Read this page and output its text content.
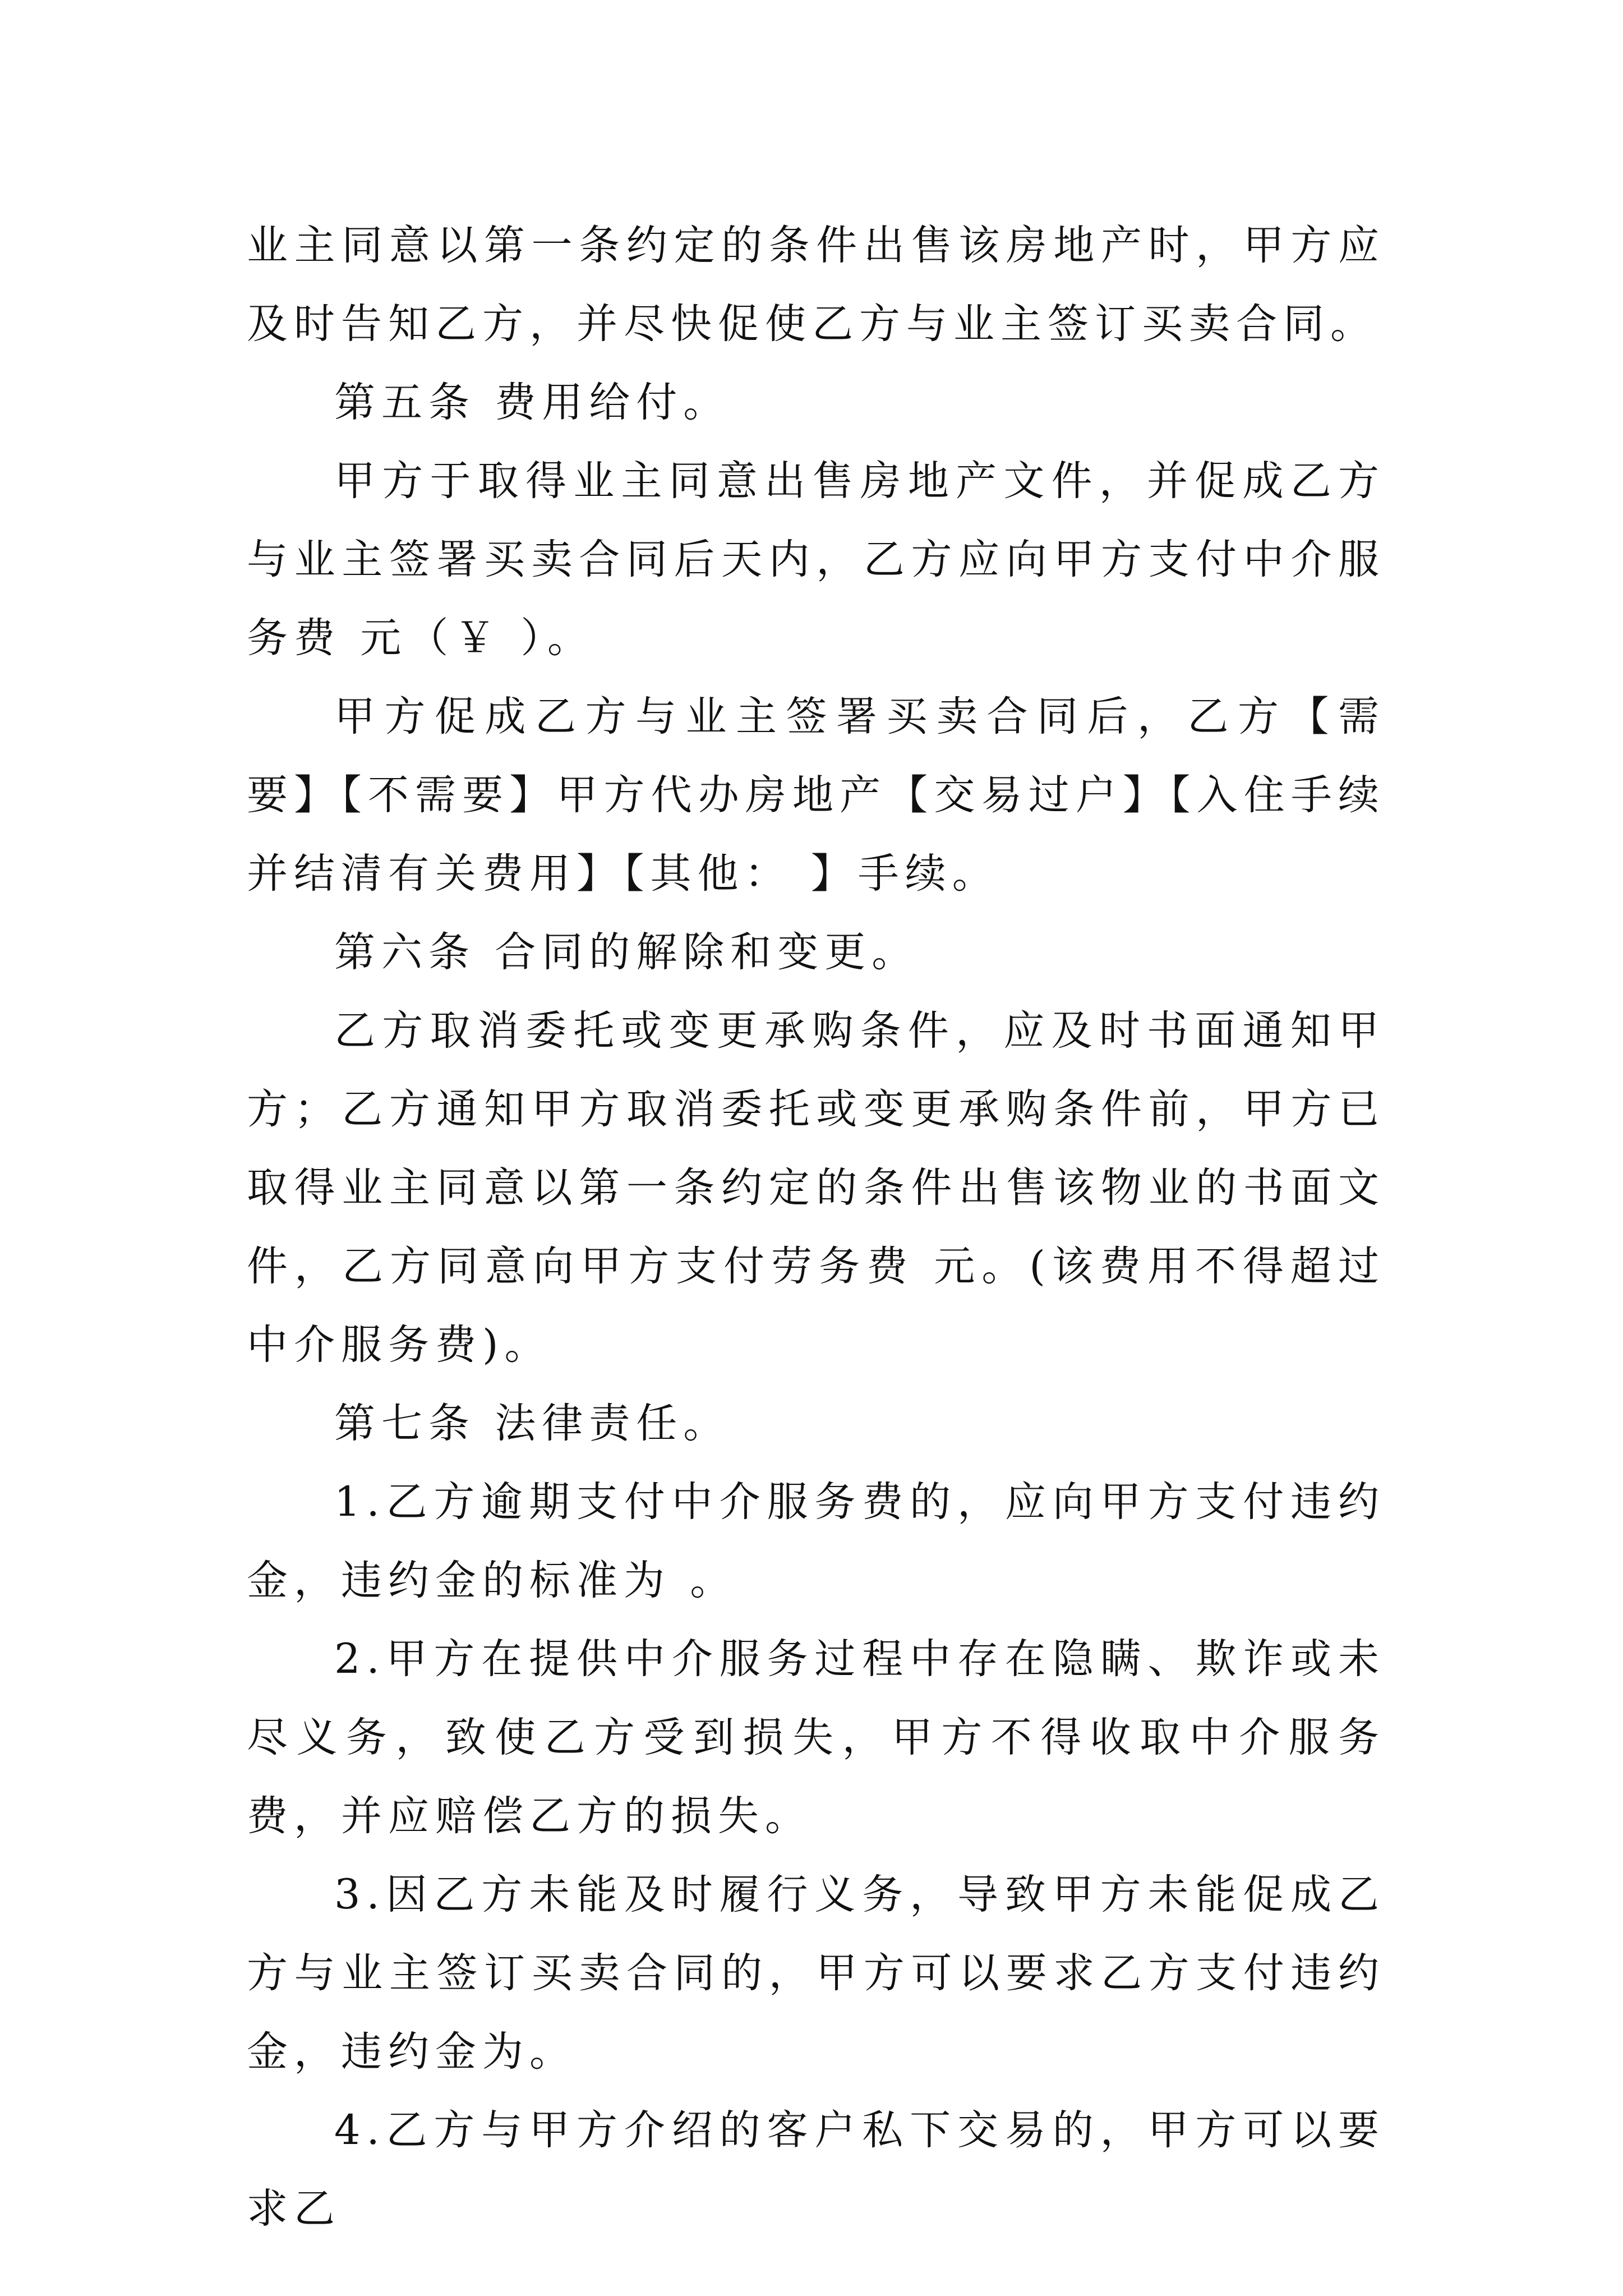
业主同意以第一条约定的条件出售该房地产时，甲方应及时告知乙方，并尽快促使乙方与业主签订买卖合同。

第五条 费用给付。

甲方于取得业主同意出售房地产文件，并促成乙方与业主签署买卖合同后天内，乙方应向甲方支付中介服务费 元（￥ ）。

甲方促成乙方与业主签署买卖合同后，乙方【需要】【不需要】甲方代办房地产【交易过户】【入住手续并结清有关费用】【其他： 】手续。

第六条 合同的解除和变更。

乙方取消委托或变更承购条件，应及时书面通知甲方；乙方通知甲方取消委托或变更承购条件前，甲方已取得业主同意以第一条约定的条件出售该物业的书面文件，乙方同意向甲方支付劳务费 元。(该费用不得超过中介服务费)。

第七条 法律责任。

1.乙方逾期支付中介服务费的，应向甲方支付违约金，违约金的标准为 。

2.甲方在提供中介服务过程中存在隐瞒、欺诈或未尽义务，致使乙方受到损失，甲方不得收取中介服务费，并应赔偿乙方的损失。

3.因乙方未能及时履行义务，导致甲方未能促成乙方与业主签订买卖合同的，甲方可以要求乙方支付违约金，违约金为。

4.乙方与甲方介绍的客户私下交易的，甲方可以要求乙
